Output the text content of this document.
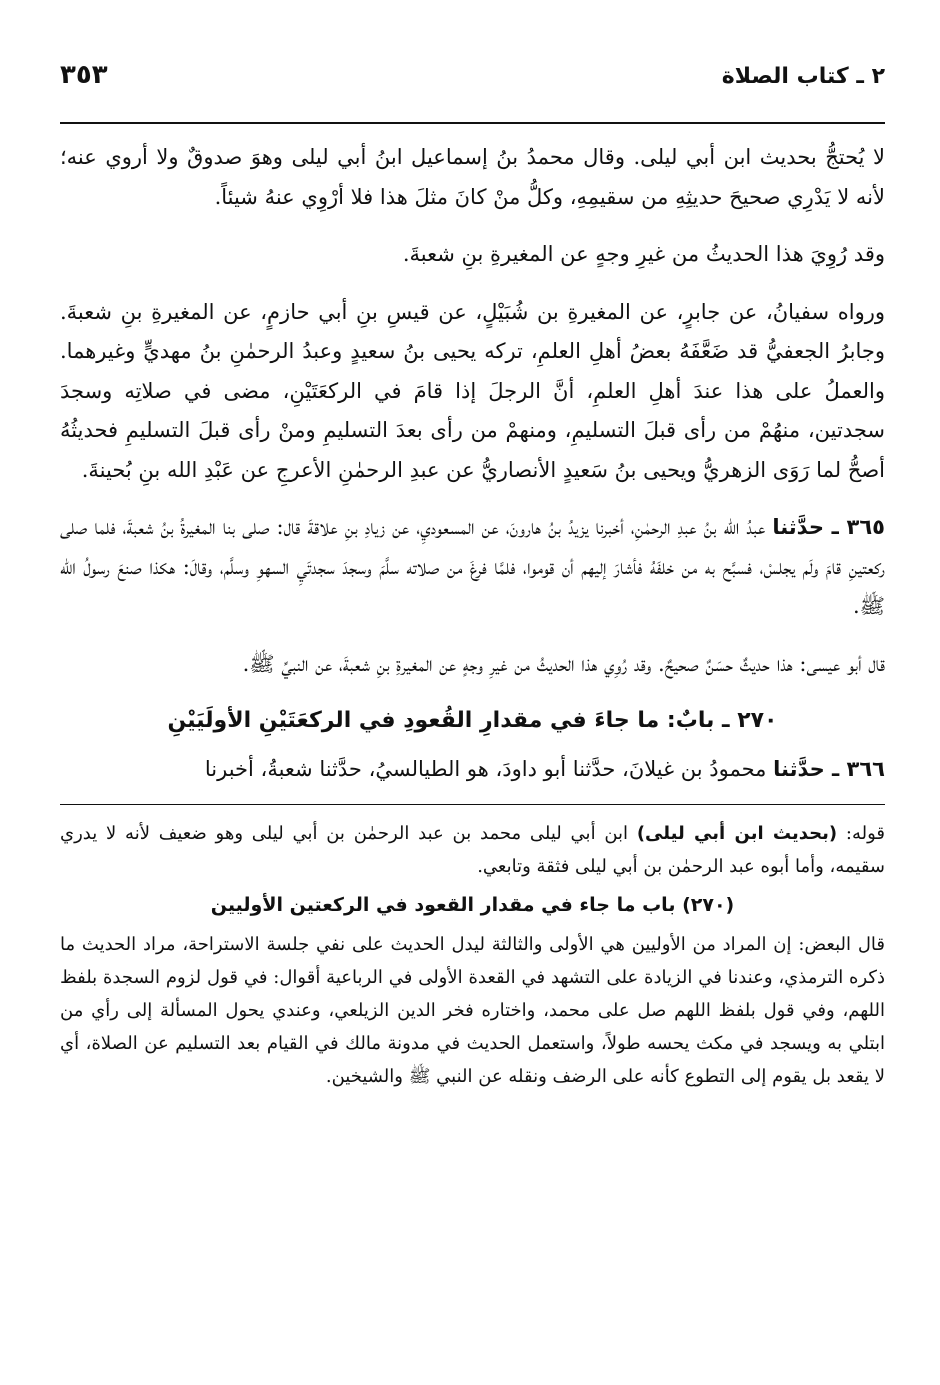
٢ ـ كتاب الصلاة
٣٥٣

لا يُحتجُّ بحديث ابن أبي ليلى. وقال محمدُ بنُ إسماعيل ابنُ أبي ليلى وهوَ صدوقٌ ولا أروي عنه؛ لأنه لا يَدْرِي صحيحَ حديثِهِ من سقيمِهِ، وكلُّ منْ كانَ مثلَ هذا فلا أرْوِي عنهُ شيئاً.

وقد رُوِيَ هذا الحديثُ من غيرِ وجهٍ عن المغيرةِ بنِ شعبةَ.

ورواه سفيانُ، عن جابرٍ، عن المغيرةِ بن شُبَيْلٍ، عن قيسِ بنِ أبي حازمٍ، عن المغيرةِ بنِ شعبةَ. وجابرُ الجعفيُّ قد ضَعَّفَهُ بعضُ أهلِ العلمِ، تركه يحيى بنُ سعيدٍ وعبدُ الرحمٰنِ بنُ مهديٍّ وغيرهما. والعملُ على هذا عندَ أهلِ العلمِ، أنَّ الرجلَ إذا قامَ في الركعَتَيْنِ، مضى في صلاتِه وسجدَ سجدتين، منهُمْ من رأى قبلَ التسليمِ، ومنهمْ من رأى بعدَ التسليمِ ومنْ رأى قبلَ التسليمِ فحديثُهُ أصحُّ لما رَوَى الزهريُّ ويحيى بنُ سَعيدٍ الأنصاريُّ عن عبدِ الرحمٰنِ الأعرجِ عن عَبْدِ الله بنِ بُحينةَ.

٣٦٥ ـ حدَّثنا عبدُ الله بنُ عبدِ الرحمٰنِ، أخبرنا يزيدُ بنُ هارونَ، عن المسعوديِ، عن زيادِ بنِ علاقةَ قال: صلى بنا المغيرةُ بنُ شعبةَ، فلما صلى ركعتينِ قامَ ولَم يجلسْ، فسبَّح به من خلفَهُ فأشارَ إليهم أن قوموا، فلمَّا فرغَ من صلاته سلَّمَ وسجدَ سجدتَيِ السهوِ وسلَّم، وقالَ: هكذا صنعَ رسولُ الله ﷺ.

قال أبو عيسى: هذا حديثٌ حسَنٌ صحيحٌ. وقد رُوِي هذا الحديثُ من غيرِ وجهٍ عن المغيرةِ بنِ شعبةَ، عن النبيِّ ﷺ.

٢٧٠ ـ بابٌ: ما جاءَ في مقدارِ القُعودِ في الركعَتَيْنِ الأولَيَيْنِ

٣٦٦ ـ حدَّثنا محمودُ بن غيلانَ، حدَّثنا أبو داودَ، هو الطيالسيُ، حدَّثنا شعبةُ، أخبرنا

قوله: (بحديث ابن أبي ليلى) ابن أبي ليلى محمد بن عبد الرحمٰن بن أبي ليلى وهو ضعيف لأنه لا يدري سقيمه، وأما أبوه عبد الرحمٰن بن أبي ليلى فثقة وتابعي.

(٢٧٠) باب ما جاء في مقدار القعود في الركعتين الأوليين

قال البعض: إن المراد من الأوليين هي الأولى والثالثة ليدل الحديث على نفي جلسة الاستراحة، مراد الحديث ما ذكره الترمذي، وعندنا في الزيادة على التشهد في القعدة الأولى في الرباعية أقوال: في قول لزوم السجدة بلفظ اللهم، وفي قول بلفظ اللهم صل على محمد، واختاره فخر الدين الزيلعي، وعندي يحول المسألة إلى رأي من ابتلي به ويسجد في مكث يحسه طولاً، واستعمل الحديث في مدونة مالك في القيام بعد التسليم عن الصلاة، أي لا يقعد بل يقوم إلى التطوع كأنه على الرضف ونقله عن النبي ﷺ والشيخين.
